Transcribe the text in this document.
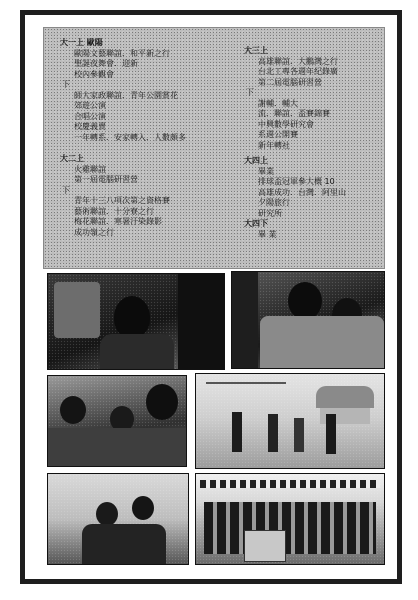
大一上 歐陽
歐陽文藝聯誼．和平新之行
聖誕夜舞會．迎新
校內參觀會
下
師大家政聯誼．青年公園賞花
郊遊公演
合唱公演
校慶義賣
一年轉系．安家轉入．人數頗多
大二上
火雞聯誼
第一屆電腦研習營
下
青年十三八項次第之資格賽
藝術聯誼．十分寮之行
梅花聯誼．寒暑汙染錄影
成功嶺之行
大三上
高雄聯誼．大鵬灣之行
台北工專各週年紀錄廣
第二屆電腦研習營
下
謝輔．輔大
流．聯誼．盃賽錦賽
中興數學研究會
系週公開賽
新年轉社
大四上
畢業
排球盃冠軍參大概 10
高雄成功．台灣．阿里山
夕陽旅行
研究所
大四下
畢 業
